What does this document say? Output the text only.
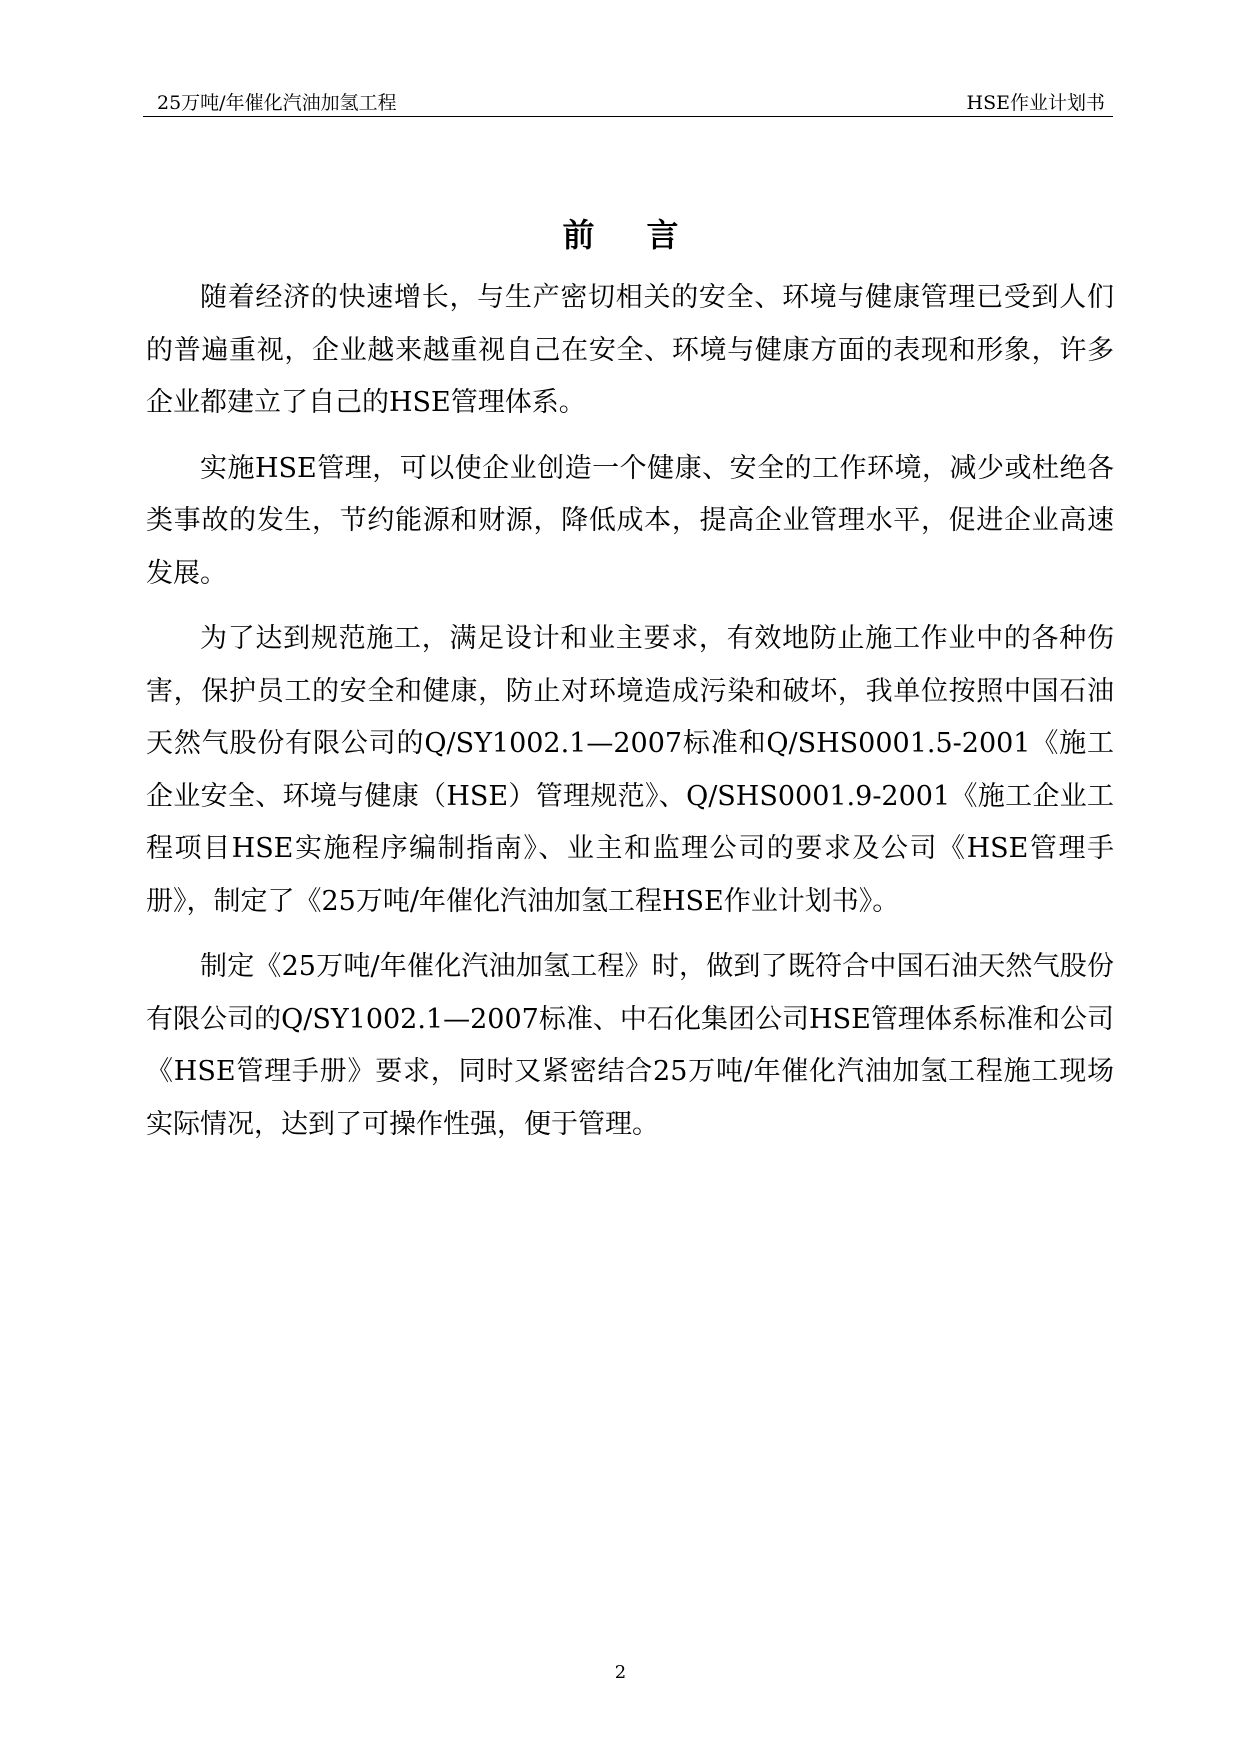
25万吨/年催化汽油加氢工程	HSE作业计划书
前言

随着经济的快速增长，与生产密切相关的安全、环境与健康管理已受到人们的普遍重视，企业越来越重视自己在安全、环境与健康方面的表现和形象，许多企业都建立了自己的HSE管理体系。

实施HSE管理，可以使企业创造一个健康、安全的工作环境，减少或杜绝各类事故的发生，节约能源和财源，降低成本，提高企业管理水平，促进企业高速发展。

为了达到规范施工，满足设计和业主要求，有效地防止施工作业中的各种伤害，保护员工的安全和健康，防止对环境造成污染和破坏，我单位按照中国石油天然气股份有限公司的Q/SY1002.1—2007标准和Q/SHS0001.5-2001《施工企业安全、环境与健康（HSE）管理规范》、Q/SHS0001.9-2001《施工企业工程项目HSE实施程序编制指南》、业主和监理公司的要求及公司《HSE管理手册》，制定了《25万吨/年催化汽油加氢工程HSE作业计划书》。

制定《25万吨/年催化汽油加氢工程》时，做到了既符合中国石油天然气股份有限公司的Q/SY1002.1—2007标准、中石化集团公司HSE管理体系标准和公司《HSE管理手册》要求，同时又紧密结合25万吨/年催化汽油加氢工程施工现场实际情况，达到了可操作性强，便于管理。

2
